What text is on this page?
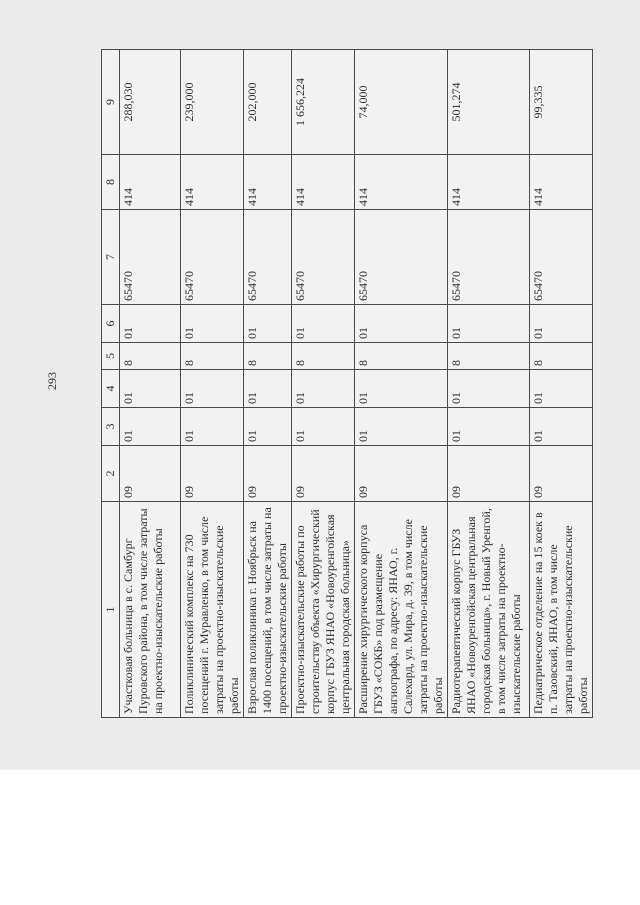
293
1	2	3	4	5	6	7	8	9
Участковая больница в с. Самбург Пуровского района, в том числе затраты на проектно-изыскательские работы	09	01	01	8	01	65470	414	288,030
Поликлинический комплекс на 730 посещений г. Муравленко, в том числе затраты на проектно-изыскательские работы	09	01	01	8	01	65470	414	239,000
Взрослая поликлиника г. Ноябрьск на 1400 посещений, в том числе затраты на проектно-изыскательские работы	09	01	01	8	01	65470	414	202,000
Проектно-изыскательские работы по строительству объекта «Хирургический корпус ГБУЗ ЯНАО «Новоуренгойская центральная городская больница»	09	01	01	8	01	65470	414	1 656,224
Расширение хирургического корпуса ГБУЗ «СОКБ» под размещение ангиографа, по адресу: ЯНАО, г. Салехард, ул. Мира, д. 39, в том числе затраты на проектно-изыскательские работы	09	01	01	8	01	65470	414	74,000
Радиотерапевтический корпус ГБУЗ ЯНАО «Новоуренгойская центральная городская больница», г. Новый Уренгой, в том числе затраты на проектно-изыскательские работы	09	01	01	8	01	65470	414	501,274
Педиатрическое отделение на 15 коек в п. Тазовский, ЯНАО, в том числе затраты на проектно-изыскательские работы	09	01	01	8	01	65470	414	99,335
